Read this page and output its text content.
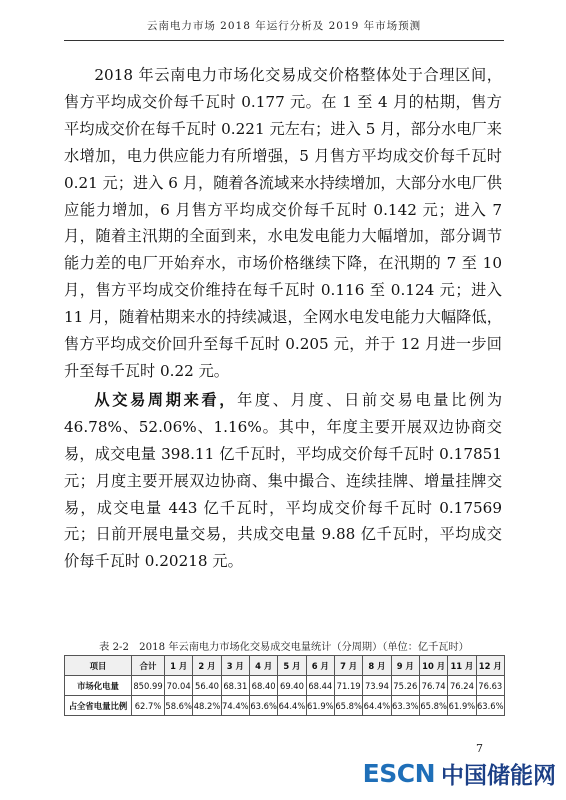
云南电力市场 2018 年运行分析及 2019 年市场预测

2018 年云南电力市场化交易成交价格整体处于合理区间，售方平均成交价每千瓦时 0.177 元。在 1 至 4 月的枯期，售方平均成交价在每千瓦时 0.221 元左右；进入 5 月，部分水电厂来水增加，电力供应能力有所增强，5 月售方平均成交价每千瓦时 0.21 元；进入 6 月，随着各流域来水持续增加，大部分水电厂供应能力增加，6 月售方平均成交价每千瓦时 0.142 元；进入 7 月，随着主汛期的全面到来，水电发电能力大幅增加，部分调节能力差的电厂开始弃水，市场价格继续下降，在汛期的 7 至 10 月，售方平均成交价维持在每千瓦时 0.116 至 0.124 元；进入 11 月，随着枯期来水的持续减退，全网水电发电能力大幅降低，售方平均成交价回升至每千瓦时 0.205 元，并于 12 月进一步回升至每千瓦时 0.22 元。

从交易周期来看，年度、月度、日前交易电量比例为 46.78%、52.06%、1.16%。其中，年度主要开展双边协商交易，成交电量 398.11 亿千瓦时，平均成交价每千瓦时 0.17851 元；月度主要开展双边协商、集中撮合、连续挂牌、增量挂牌交易，成交电量 443 亿千瓦时，平均成交价每千瓦时 0.17569 元；日前开展电量交易，共成交电量 9.88 亿千瓦时，平均成交价每千瓦时 0.20218 元。

表 2-2　2018 年云南电力市场化交易成交电量统计（分周期）（单位：亿千瓦时）
项目	合计	1 月	2 月	3 月	4 月	5 月	6 月	7 月	8 月	9 月	10 月	11 月	12 月
市场化电量	850.99	70.04	56.40	68.31	68.40	69.40	68.44	71.19	73.94	75.26	76.74	76.24	76.63
占全省电量比例	62.7%	58.6%	48.2%	74.4%	63.6%	64.4%	61.9%	65.8%	64.4%	63.3%	65.8%	61.9%	63.6%
7
ESCN 中国储能网
